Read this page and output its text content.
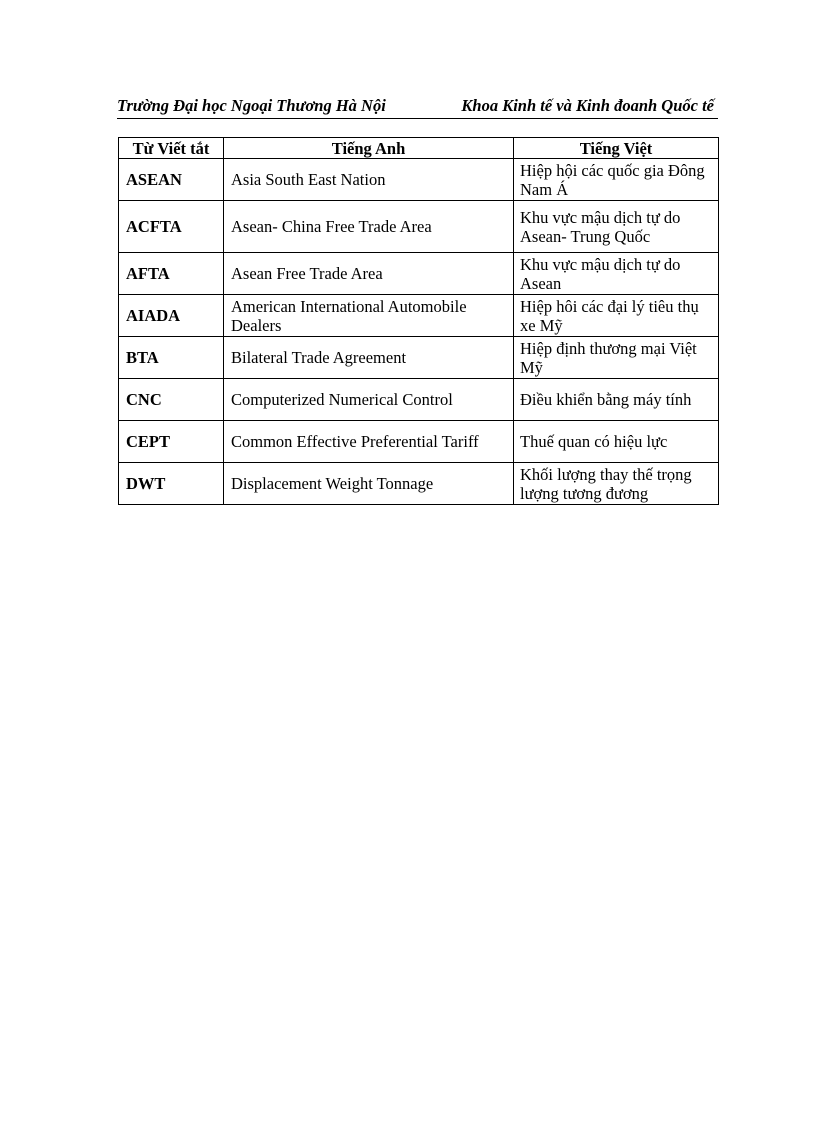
Trường Đại học Ngoại Thương Hà Nội	Khoa Kinh tế và Kinh đoanh Quốc tế
Từ Viết tắt	Tiếng Anh	Tiếng Việt
ASEAN	Asia South East Nation	Hiệp hội các quốc gia Đông Nam Á
ACFTA	Asean- China Free Trade Area	Khu vực mậu dịch tự do Asean- Trung Quốc
AFTA	Asean Free Trade Area	Khu vực mậu dịch tự do Asean
AIADA	American International Automobile Dealers	Hiệp hôi các đại lý tiêu thụ xe Mỹ
BTA	Bilateral Trade Agreement	Hiệp định thương mại Việt Mỹ
CNC	Computerized Numerical Control	Điều khiển bằng máy tính
CEPT	Common Effective Preferential Tariff	Thuế quan có hiệu lực
DWT	Displacement Weight Tonnage	Khối lượng thay thế trọng lượng tương đương
